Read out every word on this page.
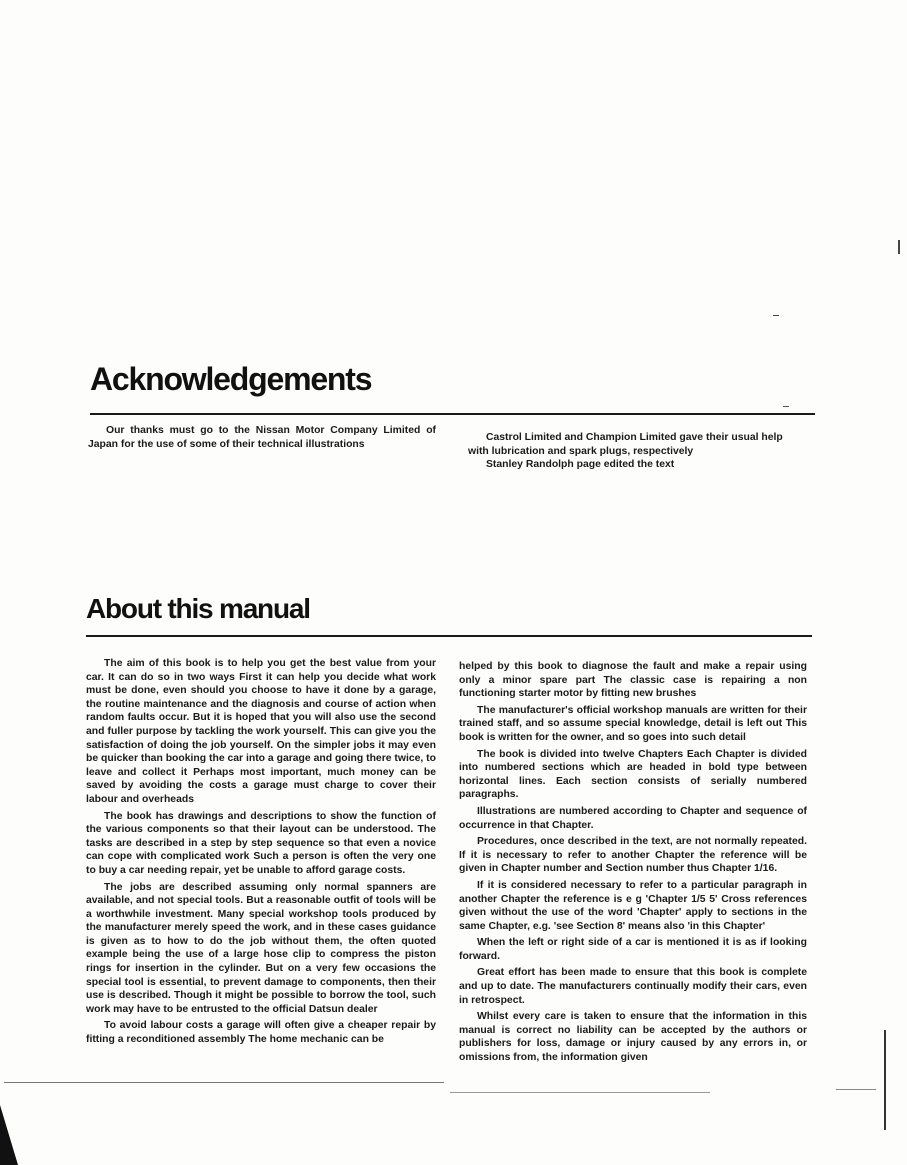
Acknowledgements

Our thanks must go to the Nissan Motor Company Limited of Japan for the use of some of their technical illustrations

Castrol Limited and Champion Limited gave their usual help

with lubrication and spark plugs, respectively

Stanley Randolph page edited the text

About this manual

The aim of this book is to help you get the best value from your car. It can do so in two ways First it can help you decide what work must be done, even should you choose to have it done by a garage, the routine maintenance and the diagnosis and course of action when random faults occur. But it is hoped that you will also use the second and fuller purpose by tackling the work yourself. This can give you the satisfaction of doing the job yourself. On the simpler jobs it may even be quicker than booking the car into a garage and going there twice, to leave and collect it Perhaps most important, much money can be saved by avoiding the costs a garage must charge to cover their labour and overheads

The book has drawings and descriptions to show the function of the various components so that their layout can be understood. The tasks are described in a step by step sequence so that even a novice can cope with complicated work Such a person is often the very one to buy a car needing repair, yet be unable to afford garage costs.

The jobs are described assuming only normal spanners are available, and not special tools. But a reasonable outfit of tools will be a worthwhile investment. Many special workshop tools produced by the manufacturer merely speed the work, and in these cases guidance is given as to how to do the job without them, the often quoted example being the use of a large hose clip to compress the piston rings for insertion in the cylinder. But on a very few occasions the special tool is essential, to prevent damage to components, then their use is described. Though it might be possible to borrow the tool, such work may have to be entrusted to the official Datsun dealer

To avoid labour costs a garage will often give a cheaper repair by fitting a reconditioned assembly The home mechanic can be

helped by this book to diagnose the fault and make a repair using only a minor spare part The classic case is repairing a non functioning starter motor by fitting new brushes

The manufacturer's official workshop manuals are written for their trained staff, and so assume special knowledge, detail is left out This book is written for the owner, and so goes into such detail

The book is divided into twelve Chapters Each Chapter is divided into numbered sections which are headed in bold type between horizontal lines. Each section consists of serially numbered paragraphs.

Illustrations are numbered according to Chapter and sequence of occurrence in that Chapter.

Procedures, once described in the text, are not normally repeated. If it is necessary to refer to another Chapter the reference will be given in Chapter number and Section number thus Chapter 1/16.

If it is considered necessary to refer to a particular paragraph in another Chapter the reference is e g 'Chapter 1/5 5' Cross references given without the use of the word 'Chapter' apply to sections in the same Chapter, e.g. 'see Section 8' means also 'in this Chapter'

When the left or right side of a car is mentioned it is as if looking forward.

Great effort has been made to ensure that this book is complete and up to date. The manufacturers continually modify their cars, even in retrospect.

Whilst every care is taken to ensure that the information in this manual is correct no liability can be accepted by the authors or publishers for loss, damage or injury caused by any errors in, or omissions from, the information given
